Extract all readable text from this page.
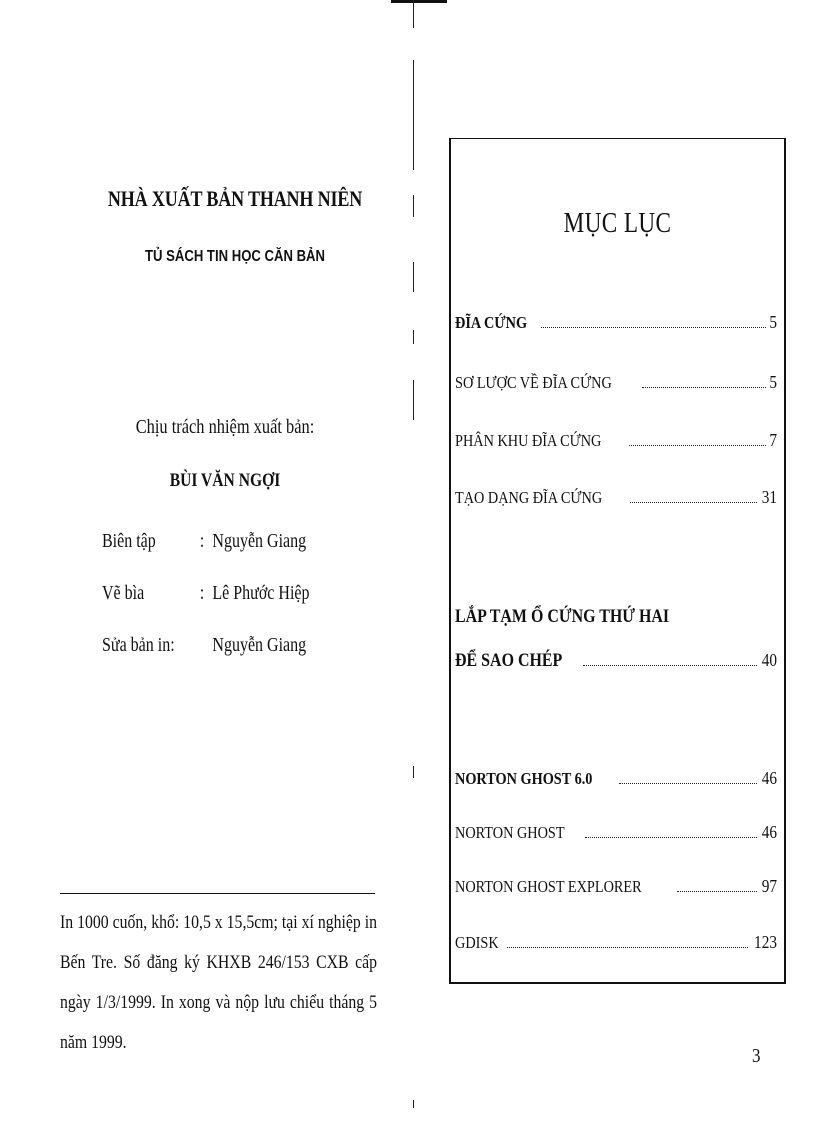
NHÀ XUẤT BẢN THANH NIÊN
TỦ SÁCH TIN HỌC CĂN BẢN
Chịu trách nhiệm xuất bản:
BÙI VĂN NGỢI
Biên tập : Nguyễn Giang
Vẽ bìa	: Lê Phước Hiệp
Sửa bản in: Nguyễn Giang
In 1000 cuốn, khổ: 10,5 x 15,5cm; tại xí nghiệp in Bến Tre. Số đăng ký KHXB 246/153 CXB cấp ngày 1/3/1999. In xong và nộp lưu chiểu tháng 5 năm 1999.
MỤC LỤC
ĐĨA CỨNG	5
SƠ LƯỢC VỀ ĐĨA CỨNG	5
PHÂN KHU ĐĨA CỨNG	7
TẠO DẠNG ĐĨA CỨNG	31
LẮP TẠM Ổ CỨNG THỨ HAI
ĐỂ SAO CHÉP	40
NORTON GHOST 6.0	46
NORTON GHOST	46
NORTON GHOST EXPLORER	97
GDISK	123
3
